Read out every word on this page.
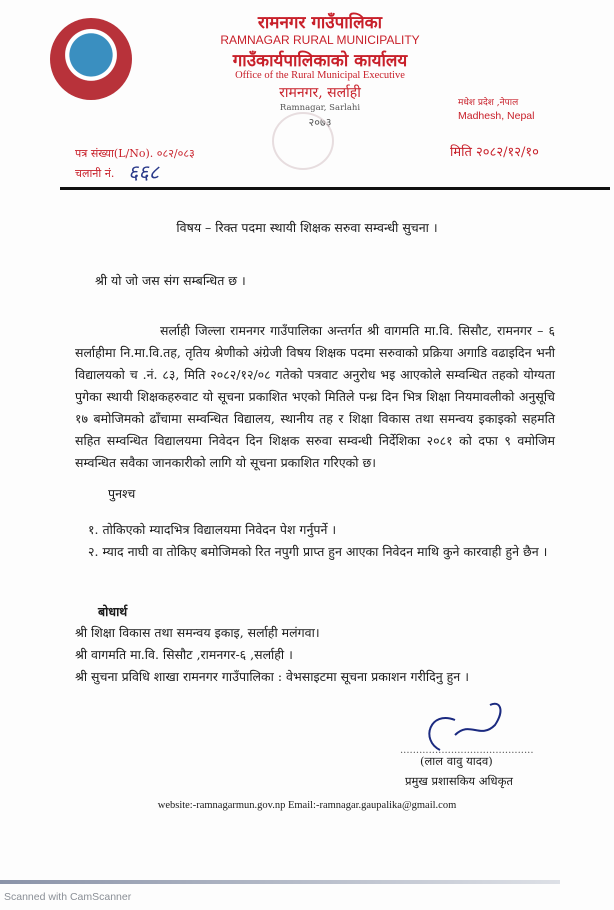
रामनगर गाउँपालिका
RAMNAGAR RURAL MUNICIPALITY
गाउँकार्यपालिकाको कार्यालय
Office of the Rural Municipal Executive
रामनगर, सर्लाही
Ramnagar, Sarlahi
२०७३
मधेश प्रदेश ,नेपाल
Madhesh, Nepal
मिति २०८२/१२/१०
पत्र संख्या(L/No). ०८२/०८३
चलानी नं. ६६८
विषय – रिक्त पदमा स्थायी शिक्षक सरुवा सम्वन्धी सुचना ।
श्री यो जो जस संग सम्बन्धित छ ।
सर्लाही जिल्ला रामनगर गाउँपालिका अन्तर्गत श्री वागमति मा.वि. सिसौट, रामनगर – ६ सर्लाहीमा नि.मा.वि.तह, तृतिय श्रेणीको अंग्रेजी विषय शिक्षक पदमा सरुवाको प्रक्रिया अगाडि वढाइदिन भनी विद्यालयको च .नं. ८३, मिति २०८२/१२/०८ गतेको पत्रवाट अनुरोध भइ आएकोले सम्वन्धित तहको योग्यता पुगेका स्थायी शिक्षकहरुवाट यो सूचना प्रकाशित भएको मितिले पन्ध्र दिन भित्र शिक्षा नियमावलीको अनुसूचि १७ बमोजिमको ढाँचामा सम्वन्धित विद्यालय, स्थानीय तह र शिक्षा विकास तथा समन्वय इकाइको सहमति सहित सम्वन्धित विद्यालयमा निवेदन दिन शिक्षक सरुवा सम्वन्धी निर्देशिका २०८१ को दफा ९ वमोजिम सम्वन्धित सवैका जानकारीको लागि यो सूचना प्रकाशित गरिएको छ।
पुनश्च
१. तोकिएको म्यादभित्र विद्यालयमा निवेदन पेश गर्नुपर्ने ।
२. म्याद नाघी वा तोकिए बमोजिमको रित नपुगी प्राप्त हुन आएका निवेदन माथि कुने कारवाही हुने छैन ।
बोधार्थ
श्री शिक्षा विकास तथा समन्वय इकाइ, सर्लाही मलंगवा।
श्री वागमति मा.वि. सिसौट ,रामनगर-६ ,सर्लाही ।
श्री सुचना प्रविधि शाखा रामनगर गाउँपालिका : वेभसाइटमा सूचना प्रकाशन गरीदिनु हुन ।
..........................................
(लाल वावु यादव)
प्रमुख प्रशासकिय अधिकृत
website:-ramnagarmun.gov.np Email:-ramnagar.gaupalika@gmail.com
Scanned with CamScanner
